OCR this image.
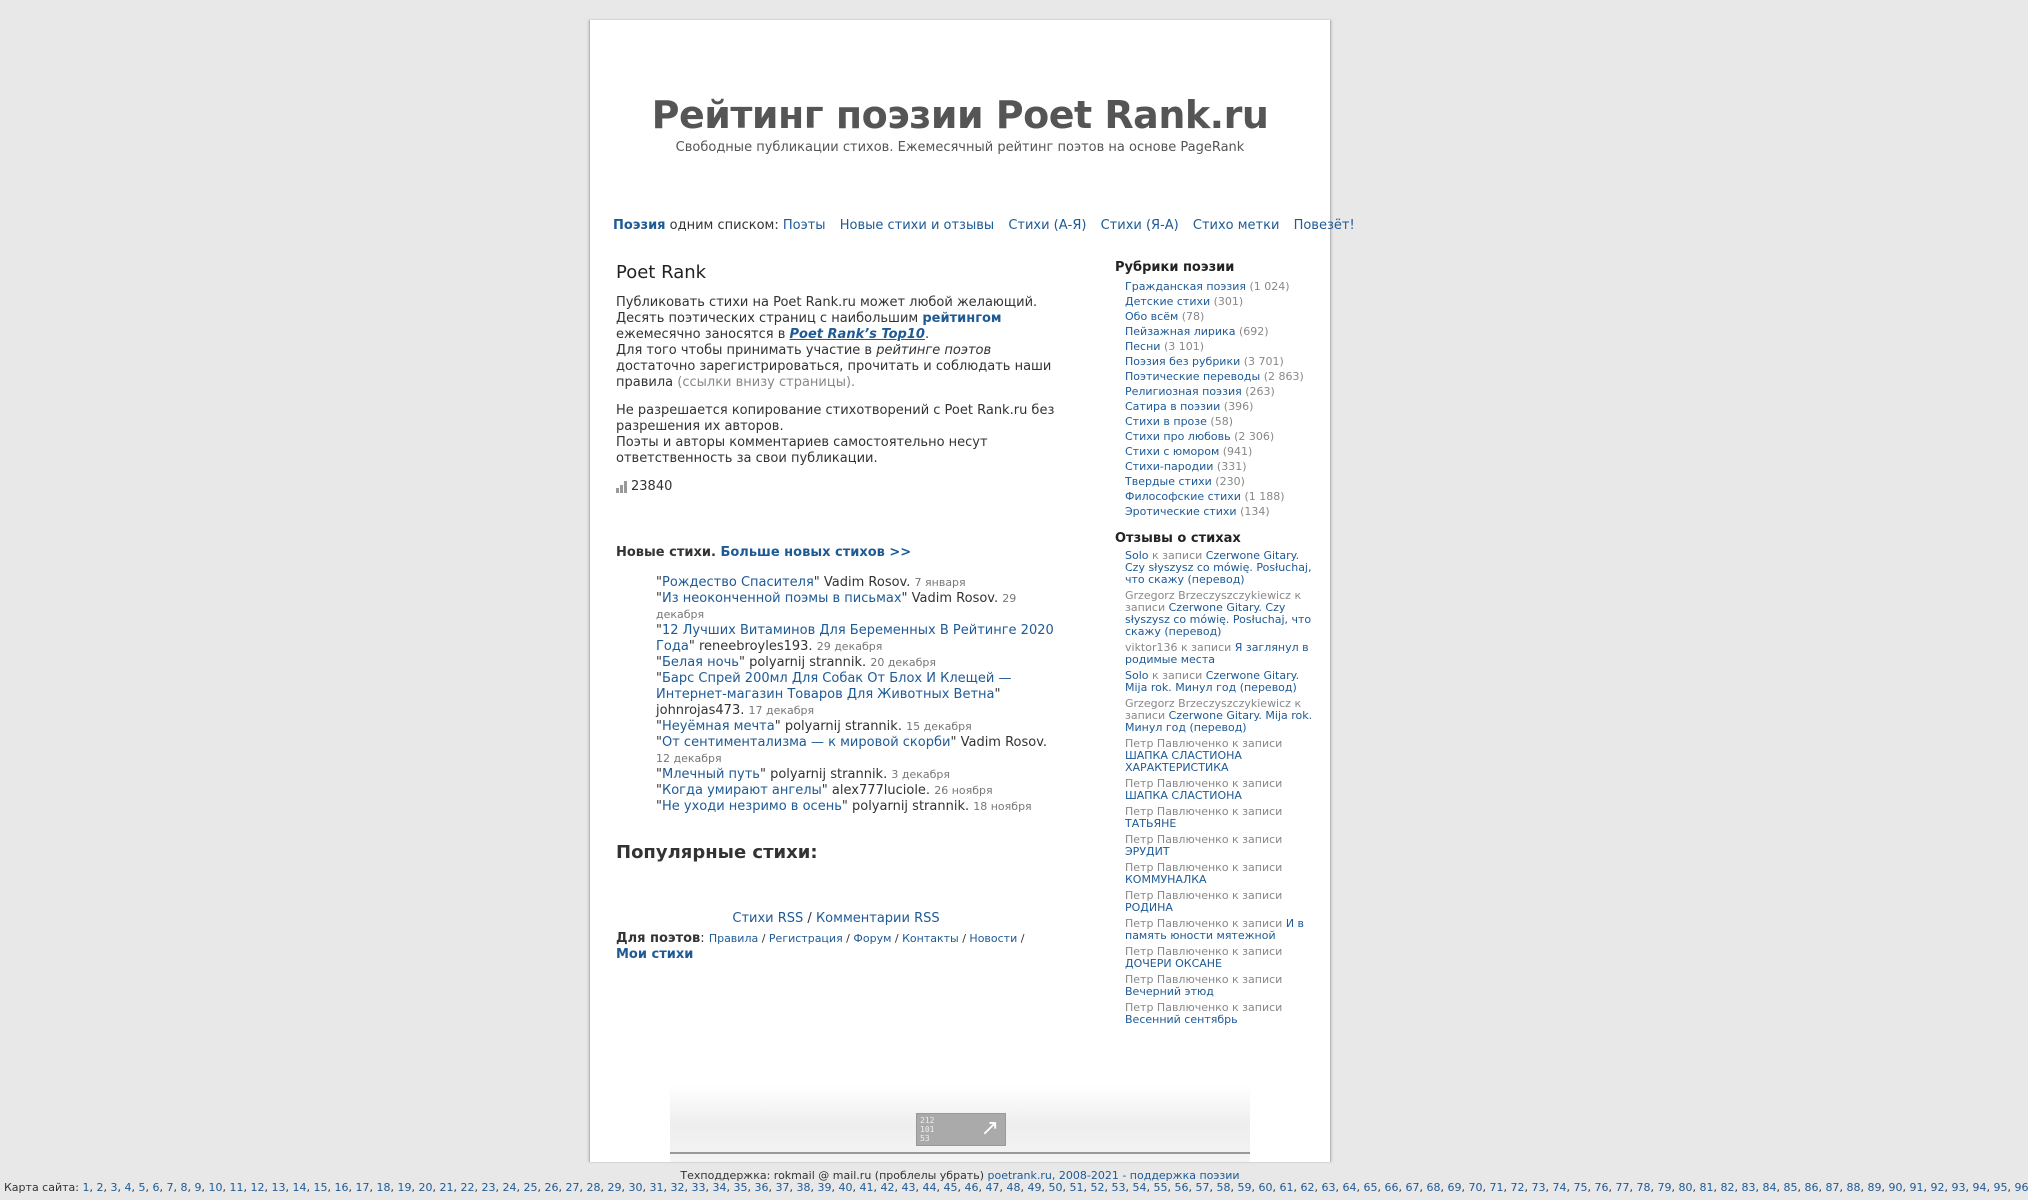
Рейтинг поэзии Poet Rank.ru
Свободные публикации стихов. Ежемесячный рейтинг поэтов на основе PageRank
Поэзия одним списком: Поэты Новые стихи и отзывы Стихи (А-Я) Стихи (Я-А) Стихо метки Повезёт!
Poet Rank

Публиковать стихи на Poet Rank.ru может любой желающий.
Десять поэтических страниц с наибольшим рейтингом ежемесячно заносятся в Poet Rank’s Top10.
Для того чтобы принимать участие в рейтинге поэтов достаточно зарегистрироваться, прочитать и соблюдать наши правила (ссылки внизу страницы).

Не разрешается копирование стихотворений с Poet Rank.ru без разрешения их авторов.
Поэты и авторы комментариев самостоятельно несут ответственность за свои публикации.

23840
Новые стихи. Больше новых стихов >>
"Рождество Спасителя" Vadim Rosov. 7 января
"Из неоконченной поэмы в письмах" Vadim Rosov. 29 декабря
"12 Лучших Витаминов Для Беременных В Рейтинге 2020 Года" reneebroyles193. 29 декабря
"Белая ночь" polyarnij strannik. 20 декабря
"Барс Спрей 200мл Для Собак От Блох И Клещей — Интернет-магазин Товаров Для Животных Ветна" johnrojas473. 17 декабря
"Неуёмная мечта" polyarnij strannik. 15 декабря
"От сентиментализма — к мировой скорби" Vadim Rosov. 12 декабря
"Млечный путь" polyarnij strannik. 3 декабря
"Когда умирают ангелы" alex777luciole. 26 ноября
"Не уходи незримо в осень" polyarnij strannik. 18 ноября
Популярные стихи:
Стихи RSS / Комментарии RSS
Для поэтов: Правила / Регистрация / Форум / Контакты / Новости / Мои стихи
Рубрики поэзии
Гражданская поэзия (1 024)
Детские стихи (301)
Обо всём (78)
Пейзажная лирика (692)
Песни (3 101)
Поэзия без рубрики (3 701)
Поэтические переводы (2 863)
Религиозная поэзия (263)
Сатира в поэзии (396)
Стихи в прозе (58)
Стихи про любовь (2 306)
Стихи с юмором (941)
Стихи-пародии (331)
Твердые стихи (230)
Философские стихи (1 188)
Эротические стихи (134)
Отзывы о стихах
Solo к записи Czerwone Gitary. Czy słyszysz co mówię. Posłuchaj, что скажу (перевод)
Grzegorz Brzeczyszczykiewicz к записи Czerwone Gitary. Czy słyszysz co mówię. Posłuchaj, что скажу (перевод)
viktor136 к записи Я заглянул в родимые места
Solo к записи Czerwone Gitary. Mija rok. Минул год (перевод)
Grzegorz Brzeczyszczykiewicz к записи Czerwone Gitary. Mija rok. Минул год (перевод)
Петр Павлюченко к записи ШАПКА СЛАСТИОНА ХАРАКТЕРИСТИКА
Петр Павлюченко к записи ШАПКА СЛАСТИОНА
Петр Павлюченко к записи ТАТЬЯНЕ
Петр Павлюченко к записи ЭРУДИТ
Петр Павлюченко к записи КОММУНАЛКА
Петр Павлюченко к записи РОДИНА
Петр Павлюченко к записи И в память юности мятежной
Петр Павлюченко к записи ДОЧЕРИ ОКСАНЕ
Петр Павлюченко к записи Вечерний этюд
Петр Павлюченко к записи Весенний сентябрь
212
101
53 ↗
Техподдержка: rokmail @ mail.ru (проблелы убрать) poetrank.ru, 2008-2021 - поддержка поэзии
Карта сайта: 1, 2, 3, 4, 5, 6, 7, 8, 9, 10, 11, 12, 13, 14, 15, 16, 17, 18, 19, 20, 21, 22, 23, 24, 25, 26, 27, 28, 29, 30, 31, 32, 33, 34, 35, 36, 37, 38, 39, 40, 41, 42, 43, 44, 45, 46, 47, 48, 49, 50, 51, 52, 53, 54, 55, 56, 57, 58, 59, 60, 61, 62, 63, 64, 65, 66, 67, 68, 69, 70, 71, 72, 73, 74, 75, 76, 77, 78, 79, 80, 81, 82, 83, 84, 85, 86, 87, 88, 89, 90, 91, 92, 93, 94, 95, 96
